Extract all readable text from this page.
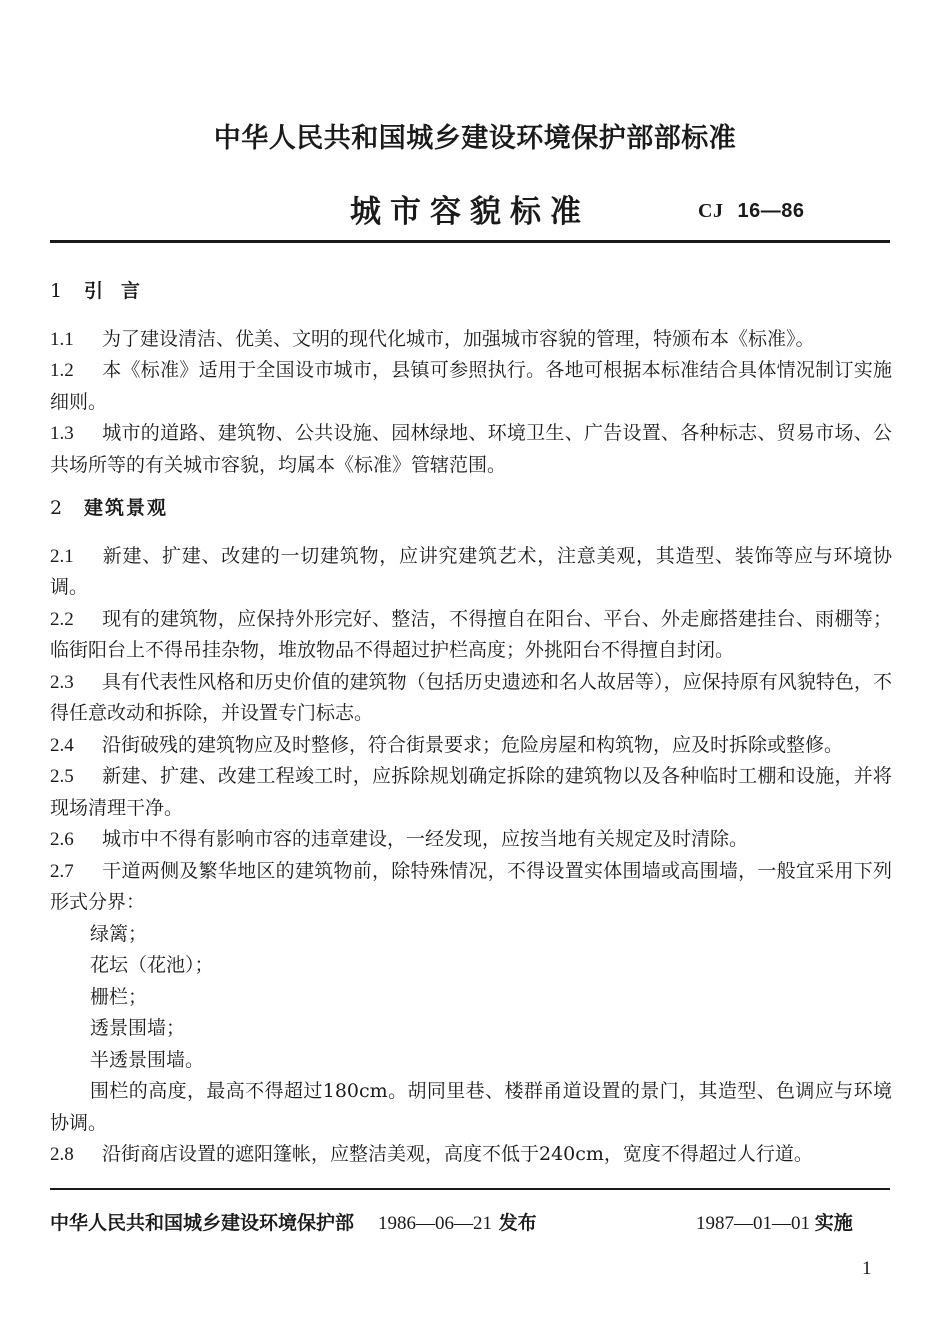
中华人民共和国城乡建设环境保护部部标准
城市容貌标准	CJ 16—86
1 引言
1.1 为了建设清洁、优美、文明的现代化城市，加强城市容貌的管理，特颁布本《标准》。
1.2 本《标准》适用于全国设市城市，县镇可参照执行。各地可根据本标准结合具体情况制订实施细则。
1.3 城市的道路、建筑物、公共设施、园林绿地、环境卫生、广告设置、各种标志、贸易市场、公共场所等的有关城市容貌，均属本《标准》管辖范围。
2 建筑景观
2.1 新建、扩建、改建的一切建筑物，应讲究建筑艺术，注意美观，其造型、装饰等应与环境协调。
2.2 现有的建筑物，应保持外形完好、整洁，不得擅自在阳台、平台、外走廊搭建挂台、雨棚等；临街阳台上不得吊挂杂物，堆放物品不得超过护栏高度；外挑阳台不得擅自封闭。
2.3 具有代表性风格和历史价值的建筑物（包括历史遗迹和名人故居等），应保持原有风貌特色，不得任意改动和拆除，并设置专门标志。
2.4 沿街破残的建筑物应及时整修，符合街景要求；危险房屋和构筑物，应及时拆除或整修。
2.5 新建、扩建、改建工程竣工时，应拆除规划确定拆除的建筑物以及各种临时工棚和设施，并将现场清理干净。
2.6 城市中不得有影响市容的违章建设，一经发现，应按当地有关规定及时清除。
2.7 干道两侧及繁华地区的建筑物前，除特殊情况，不得设置实体围墙或高围墙，一般宜采用下列形式分界：
绿篱；
花坛（花池）；
栅栏；
透景围墙；
半透景围墙。
围栏的高度，最高不得超过180cm。胡同里巷、楼群甬道设置的景门，其造型、色调应与环境协调。
2.8 沿街商店设置的遮阳篷帐，应整洁美观，高度不低于240cm，宽度不得超过人行道。
中华人民共和国城乡建设环境保护部 1986—06—21 发布	1987—01—01 实施
1
